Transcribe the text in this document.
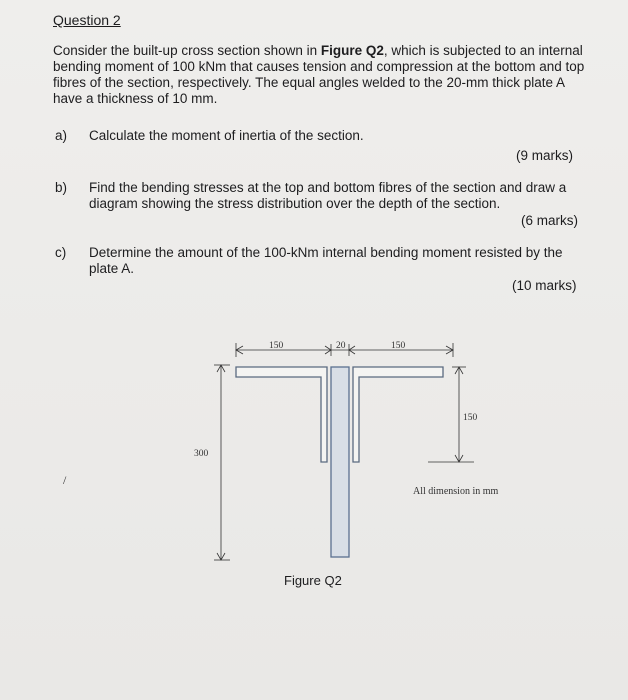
Question 2
Consider the built-up cross section shown in Figure Q2, which is subjected to an internal bending moment of 100 kNm that causes tension and compression at the bottom and top fibres of the section, respectively. The equal angles welded to the 20-mm thick plate A have a thickness of 10 mm.
a) Calculate the moment of inertia of the section.
(9 marks)
b) Find the bending stresses at the top and bottom fibres of the section and draw a diagram showing the stress distribution over the depth of the section.
(6 marks)
c) Determine the amount of the 100-kNm internal bending moment resisted by the plate A.
(10 marks)
150	20	150
150
300
/
All dimension in mm
Figure Q2
